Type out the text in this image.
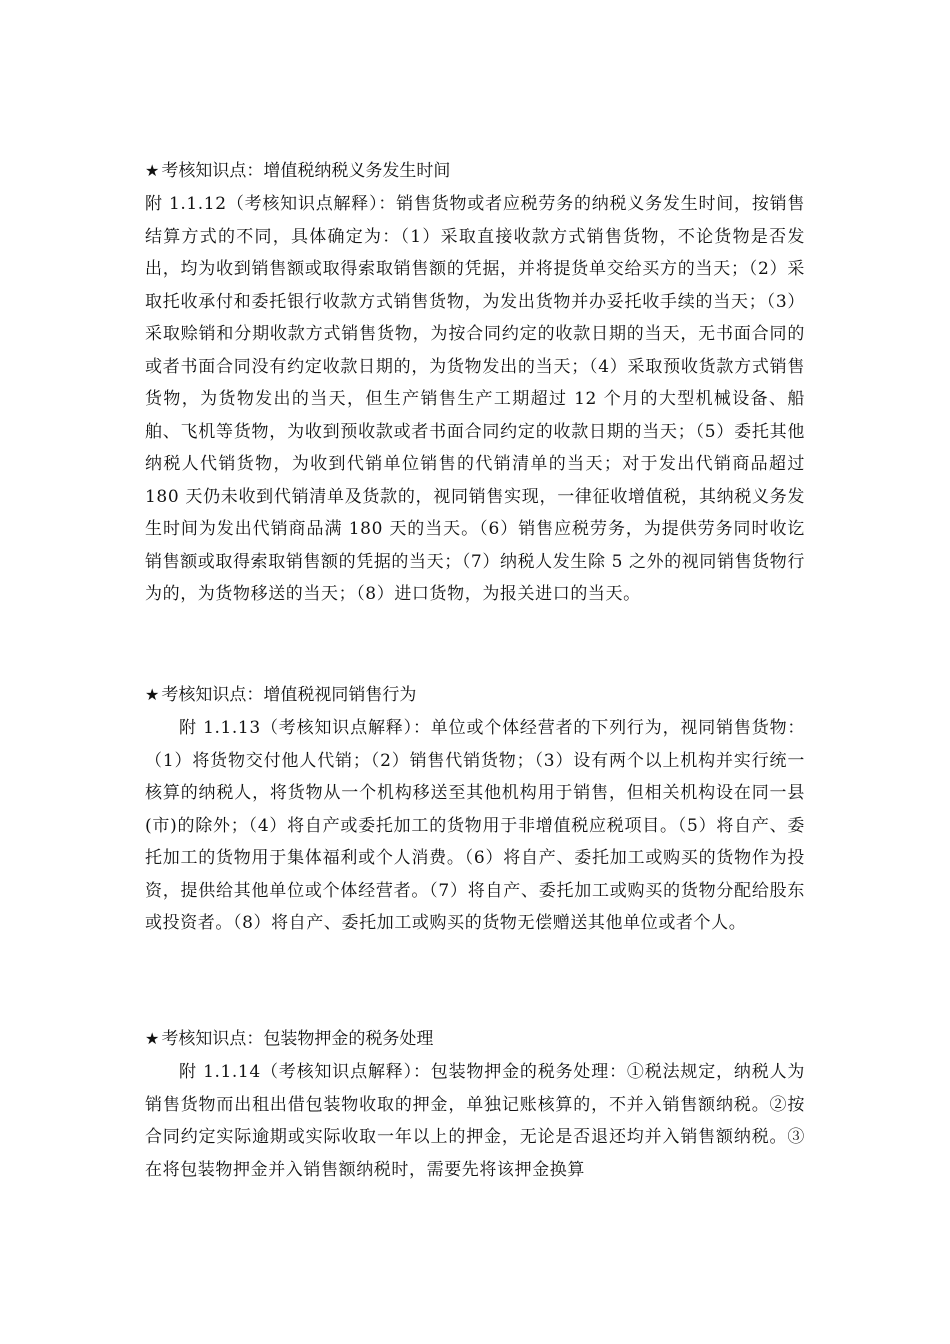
★ 考核知识点：增值税纳税义务发生时间
附 1.1.12（考核知识点解释）：销售货物或者应税劳务的纳税义务发生时间，按销售结算方式的不同，具体确定为：（1）采取直接收款方式销售货物，不论货物是否发出，均为收到销售额或取得索取销售额的凭据，并将提货单交给买方的当天；（2）采取托收承付和委托银行收款方式销售货物，为发出货物并办妥托收手续的当天；（3）采取赊销和分期收款方式销售货物，为按合同约定的收款日期的当天，无书面合同的或者书面合同没有约定收款日期的，为货物发出的当天；（4）采取预收货款方式销售货物，为货物发出的当天，但生产销售生产工期超过 12 个月的大型机械设备、船舶、飞机等货物，为收到预收款或者书面合同约定的收款日期的当天；（5）委托其他纳税人代销货物，为收到代销单位销售的代销清单的当天；对于发出代销商品超过 180 天仍未收到代销清单及货款的，视同销售实现，一律征收增值税，其纳税义务发生时间为发出代销商品满 180 天的当天。（6）销售应税劳务，为提供劳务同时收讫销售额或取得索取销售额的凭据的当天；（7）纳税人发生除 5 之外的视同销售货物行为的，为货物移送的当天；（8）进口货物，为报关进口的当天。
★ 考核知识点：增值税视同销售行为
附 1.1.13（考核知识点解释）：单位或个体经营者的下列行为，视同销售货物：（1）将货物交付他人代销；（2）销售代销货物；（3）设有两个以上机构并实行统一核算的纳税人，将货物从一个机构移送至其他机构用于销售，但相关机构设在同一县(市)的除外；（4）将自产或委托加工的货物用于非增值税应税项目。（5）将自产、委托加工的货物用于集体福利或个人消费。（6）将自产、委托加工或购买的货物作为投资，提供给其他单位或个体经营者。（7）将自产、委托加工或购买的货物分配给股东或投资者。（8）将自产、委托加工或购买的货物无偿赠送其他单位或者个人。
★ 考核知识点：包装物押金的税务处理
附 1.1.14（考核知识点解释）：包装物押金的税务处理：①税法规定，纳税人为销售货物而出租出借包装物收取的押金，单独记账核算的，不并入销售额纳税。②按合同约定实际逾期或实际收取一年以上的押金，无论是否退还均并入销售额纳税。③在将包装物押金并入销售额纳税时，需要先将该押金换算
